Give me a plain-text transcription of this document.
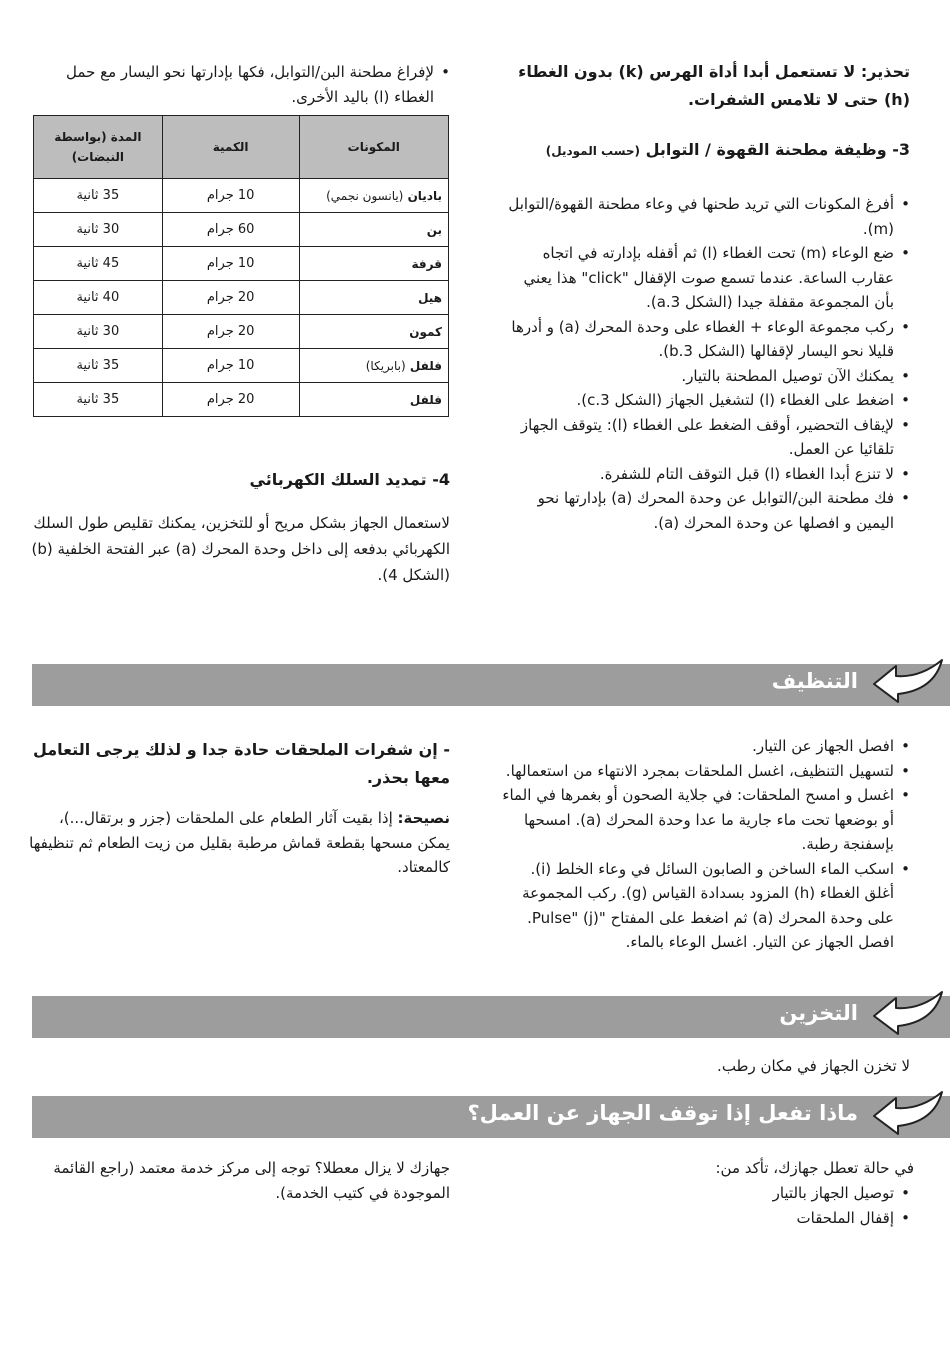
تحذير: لا تستعمل أبدا أداة الهرس (k) بدون الغطاء (h) حتى لا تلامس الشفرات.
3- وظيفة مطحنة القهوة / التوابل (حسب الموديل)
• أفرغ المكونات التي تريد طحنها في وعاء مطحنة القهوة/التوابل (m).
• ضع الوعاء (m) تحت الغطاء (l) ثم أقفله بإدارته في اتجاه عقارب الساعة. عندما تسمع صوت الإقفال "click" هذا يعني بأن المجموعة مقفلة جيدا (الشكل 3.a).
• ركب مجموعة الوعاء + الغطاء على وحدة المحرك (a) و أدرها قليلا نحو اليسار لإقفالها (الشكل 3.b).
• يمكنك الآن توصيل المطحنة بالتيار.
• اضغط على الغطاء (l) لتشغيل الجهاز (الشكل 3.c).
• لإيقاف التحضير، أوقف الضغط على الغطاء (l): يتوقف الجهاز تلقائيا عن العمل.
• لا تنزع أبدا الغطاء (l) قبل التوقف التام للشفرة.
• فك مطحنة البن/التوابل عن وحدة المحرك (a) بإدارتها نحو اليمين و افصلها عن وحدة المحرك (a).
• لإفراغ مطحنة البن/التوابل، فكها بإدارتها نحو اليسار مع حمل الغطاء (l) باليد الأخرى.
المكونات	الكمية	المدة (بواسطة النبضات)
باديان (يانسون نجمي)	10 جرام	35 ثانية
بن	60 جرام	30 ثانية
قرفة	10 جرام	45 ثانية
هيل	20 جرام	40 ثانية
كمون	20 جرام	30 ثانية
فلفل (بابريكا)	10 جرام	35 ثانية
فلفل	20 جرام	35 ثانية
4- تمديد السلك الكهربائي

لاستعمال الجهاز بشكل مريح أو للتخزين، يمكنك تقليص طول السلك الكهربائي بدفعه إلى داخل وحدة المحرك (a) عبر الفتحة الخلفية (b) (الشكل 4).

التنظيف
• افصل الجهاز عن التيار.
• لتسهيل التنظيف، اغسل الملحقات بمجرد الانتهاء من استعمالها.
• اغسل و امسح الملحقات: في جلاية الصحون أو بغمرها في الماء أو بوضعها تحت ماء جارية ما عدا وحدة المحرك (a). امسحها بإسفنجة رطبة.
• اسكب الماء الساخن و الصابون السائل في وعاء الخلط (i). أغلق الغطاء (h) المزود بسدادة القياس (g). ركب المجموعة على وحدة المحرك (a) ثم اضغط على المفتاح "Pulse" (j). افصل الجهاز عن التيار. اغسل الوعاء بالماء.

- إن شفرات الملحقات حادة جدا و لذلك يرجى التعامل معها بحذر.

نصيحة: إذا بقيت آثار الطعام على الملحقات (جزر و برتقال...)، يمكن مسحها بقطعة قماش مرطبة بقليل من زيت الطعام ثم تنظيفها كالمعتاد.

التخزين

لا تخزن الجهاز في مكان رطب.

ماذا تفعل إذا توقف الجهاز عن العمل؟

في حالة تعطل جهازك، تأكد من:

• توصيل الجهاز بالتيار
• إقفال الملحقات

جهازك لا يزال معطلا؟ توجه إلى مركز خدمة معتمد (راجع القائمة الموجودة في كتيب الخدمة).
